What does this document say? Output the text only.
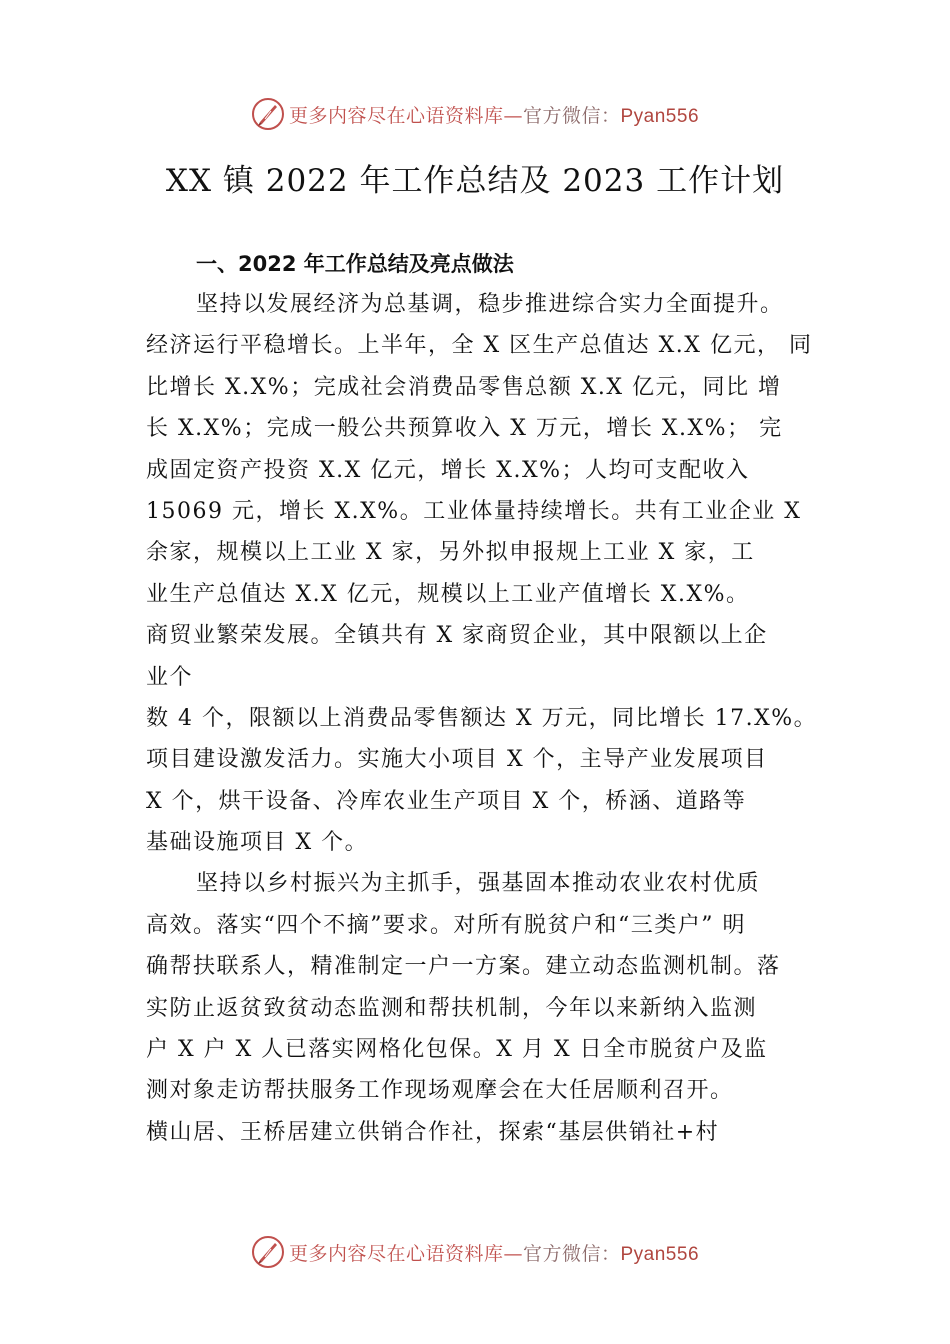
更多内容尽在心语资料库—官方微信：Pyan556
XX 镇 2022 年工作总结及 2023 工作计划
一、2022 年工作总结及亮点做法
坚持以发展经济为总基调，稳步推进综合实力全面提升。
经济运行平稳增长。上半年，全 X 区生产总值达 X.X 亿元， 同
比增长 X.X%；完成社会消费品零售总额 X.X 亿元，同比 增
长 X.X%；完成一般公共预算收入 X 万元，增长 X.X%； 完
成固定资产投资 X.X 亿元，增长 X.X%；人均可支配收入
15069 元，增长 X.X%。工业体量持续增长。共有工业企业 X
余家，规模以上工业 X 家，另外拟申报规上工业 X 家，工
业生产总值达 X.X 亿元，规模以上工业产值增长 X.X%。
商贸业繁荣发展。全镇共有 X 家商贸企业，其中限额以上企
业个
数 4 个，限额以上消费品零售额达 X 万元，同比增长 17.X%。
项目建设激发活力。实施大小项目 X 个，主导产业发展项目
X 个，烘干设备、冷库农业生产项目 X 个，桥涵、道路等
基础设施项目 X 个。
坚持以乡村振兴为主抓手，强基固本推动农业农村优质
高效。落实“四个不摘”要求。对所有脱贫户和“三类户” 明
确帮扶联系人，精准制定一户一方案。建立动态监测机制。落
实防止返贫致贫动态监测和帮扶机制，今年以来新纳入监测
户 X 户 X 人已落实网格化包保。X 月 X 日全市脱贫户及监
测对象走访帮扶服务工作现场观摩会在大任居顺利召开。
横山居、王桥居建立供销合作社，探索“基层供销社+村
更多内容尽在心语资料库—官方微信：Pyan556
